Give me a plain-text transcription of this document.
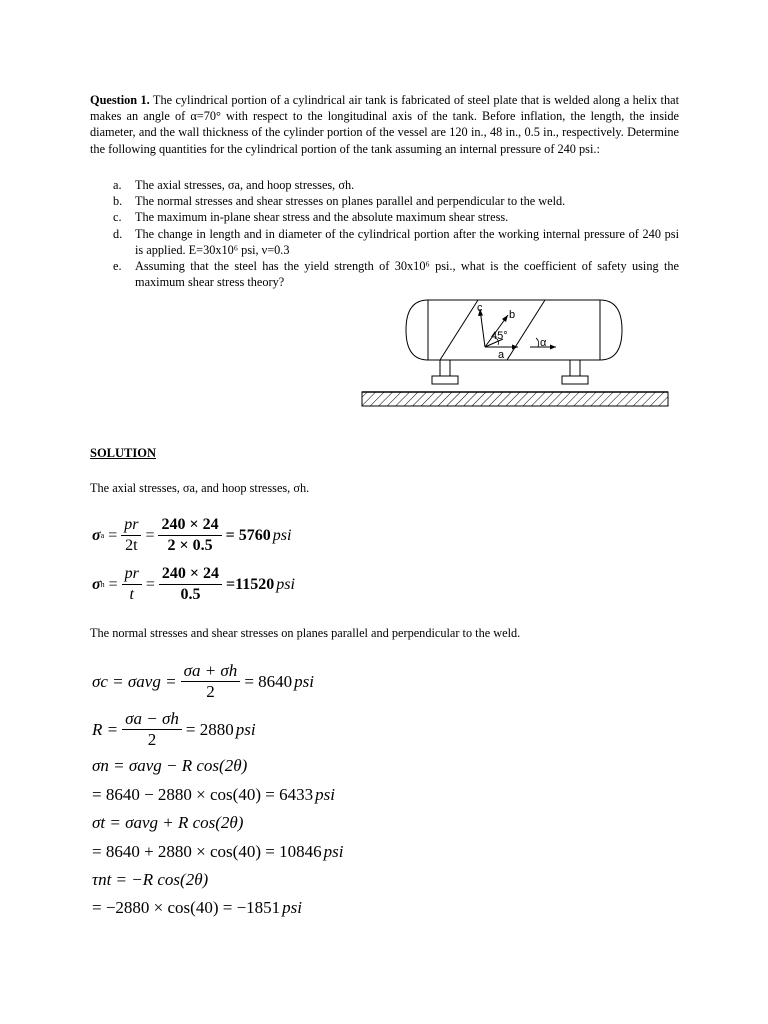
Question 1. The cylindrical portion of a cylindrical air tank is fabricated of steel plate that is welded along a helix that makes an angle of α=70° with respect to the longitudinal axis of the tank. Before inflation, the length, the inside diameter, and the wall thickness of the cylinder portion of the vessel are 120 in., 48 in., 0.5 in., respectively. Determine the following quantities for the cylindrical portion of the tank assuming an internal pressure of 240 psi.:
a.	The axial stresses, σa, and hoop stresses, σh.
b.	The normal stresses and shear stresses on planes parallel and perpendicular to the weld.
c.	The maximum in-plane shear stress and the absolute maximum shear stress.
d.	The change in length and in diameter of the cylindrical portion after the working internal pressure of 240 psi is applied. E=30x10⁶ psi, ν=0.3
e.	Assuming that the steel has the yield strength of 30x10⁶ psi., what is the coefficient of safety using the maximum shear stress theory?
c
b
45°
a
α
SOLUTION
The axial stresses, σa, and hoop stresses, σh.
σ $a = \frac{pr}{2t} = \frac{240 \times 24}{2 \times 0.5} = 5760$ psi
σ $h = \frac{pr}{t} = \frac{240 \times 24}{0.5} =11520$ psi
The normal stresses and shear stresses on planes parallel and perpendicular to the weld.
$\sigma c = \sigma avg = \frac{\sigma a + \sigma h}{2} = 8640$ psi
$R = \frac{\sigma a - \sigma h}{2} = 2880$ psi
σn = σavg − R cos(2θ)
= 8640 − 2880 × cos(40) = 6433 psi
σt = σavg + R cos(2θ)
= 8640 + 2880 × cos(40) = 10846 psi
τnt = −R cos(2θ)
= −2880 × cos(40) = −1851 psi
